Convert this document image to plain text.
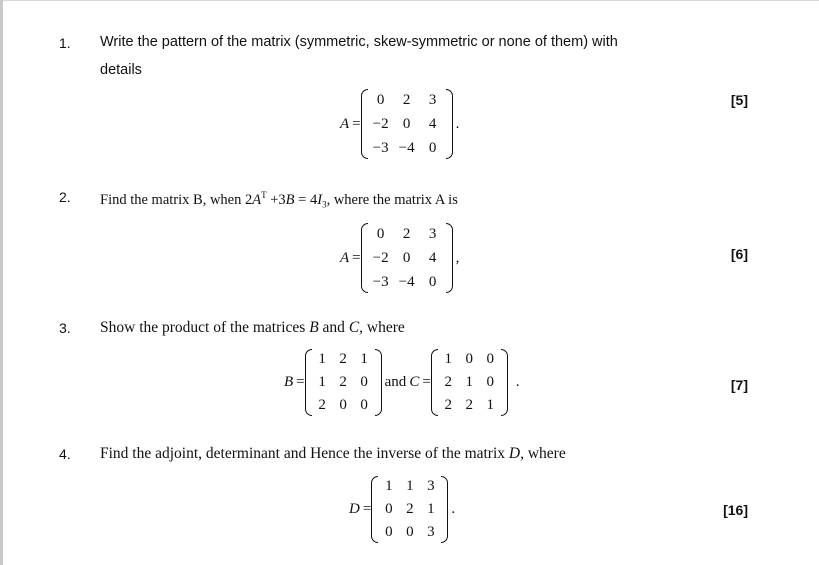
1. Write the pattern of the matrix (symmetric, skew-symmetric or none of them) with
details
A =
0	2	3
−2	0	4
−3	−4	0
.
[5]
2. Find the matrix B, when $2A^T +3B = 4I_3$, where the matrix A is
A =
0	2	3
−2	0	4
−3	−4	0
,	[6]
3. Show the product of the matrices B and C, where
B =
1	2	1
1	2	0
2	0	0
and C =
1	0	0
2	1	0
2	2	1
.	[7]
4. Find the adjoint, determinant and Hence the inverse of the matrix D, where
D =
1	1	3
0	2	1
0	0	3
.	[16]
